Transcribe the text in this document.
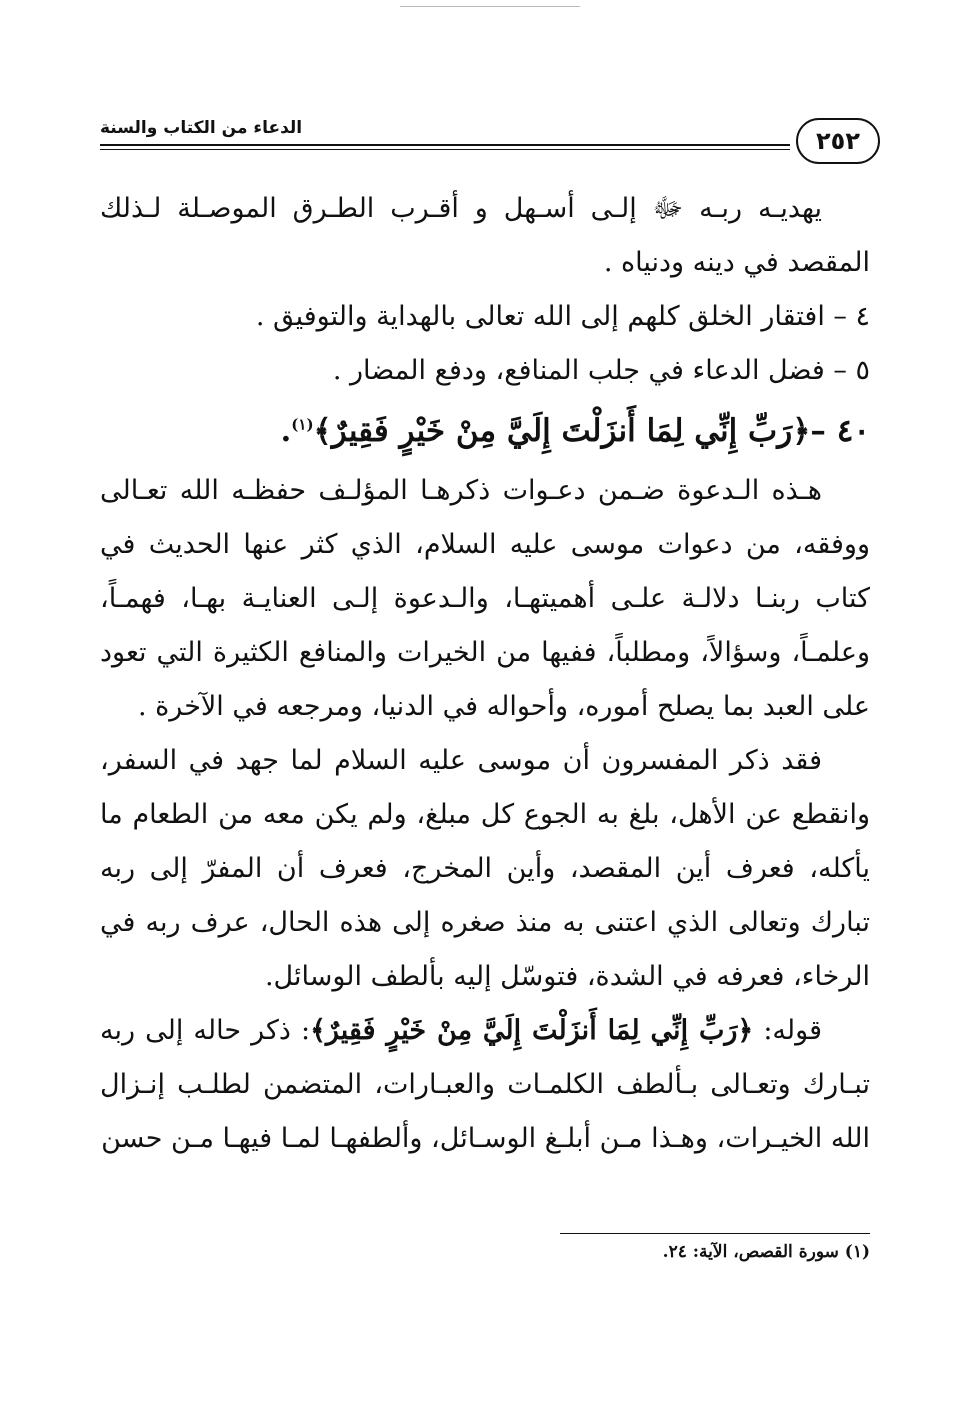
الدعاء من الكتاب والسنة	٢٥٢

يهديـه ربـه ﷻ إلـى أسـهل و أقـرب الطـرق الموصـلة لـذلك المقصد في دينه ودنياه .

٤ – افتقار الخلق كلهم إلى الله تعالى بالهداية والتوفيق .

٥ – فضل الدعاء في جلب المنافع، ودفع المضار .

٤٠ –﴿رَبِّ إِنِّي لِمَا أَنزَلْتَ إِلَيَّ مِنْ خَيْرٍ فَقِيرٌ﴾$^{(١)}$.

هـذه الـدعوة ضـمن دعـوات ذكرهـا المؤلـف حفظـه الله تعـالى ووفقه، من دعوات موسى عليه السلام، الذي كثر عنها الحديث في كتاب ربنـا دلالـة علـى أهميتهـا، والـدعوة إلـى العنايـة بهـا، فهمـاً، وعلمـاً، وسؤالاً، ومطلباً، ففيها من الخيرات والمنافع الكثيرة التي تعود على العبد بما يصلح أموره، وأحواله في الدنيا، ومرجعه في الآخرة .

فقد ذكر المفسرون أن موسى عليه السلام لما جهد في السفر، وانقطع عن الأهل، بلغ به الجوع كل مبلغ، ولم يكن معه من الطعام ما يأكله، فعرف أين المقصد، وأين المخرج، فعرف أن المفرّ إلى ربه تبارك وتعالى الذي اعتنى به منذ صغره إلى هذه الحال، عرف ربه في الرخاء، فعرفه في الشدة، فتوسّل إليه بألطف الوسائل.

قوله: ﴿رَبِّ إِنِّي لِمَا أَنزَلْتَ إِلَيَّ مِنْ خَيْرٍ فَقِيرٌ﴾: ذكر حاله إلى ربه تبـارك وتعـالى بـألطف الكلمـات والعبـارات، المتضمن لطلـب إنـزال الله الخيـرات، وهـذا مـن أبلـغ الوسـائل، وألطفهـا لمـا فيهـا مـن حسن

(١) سورة القصص، الآية: ٢٤.
